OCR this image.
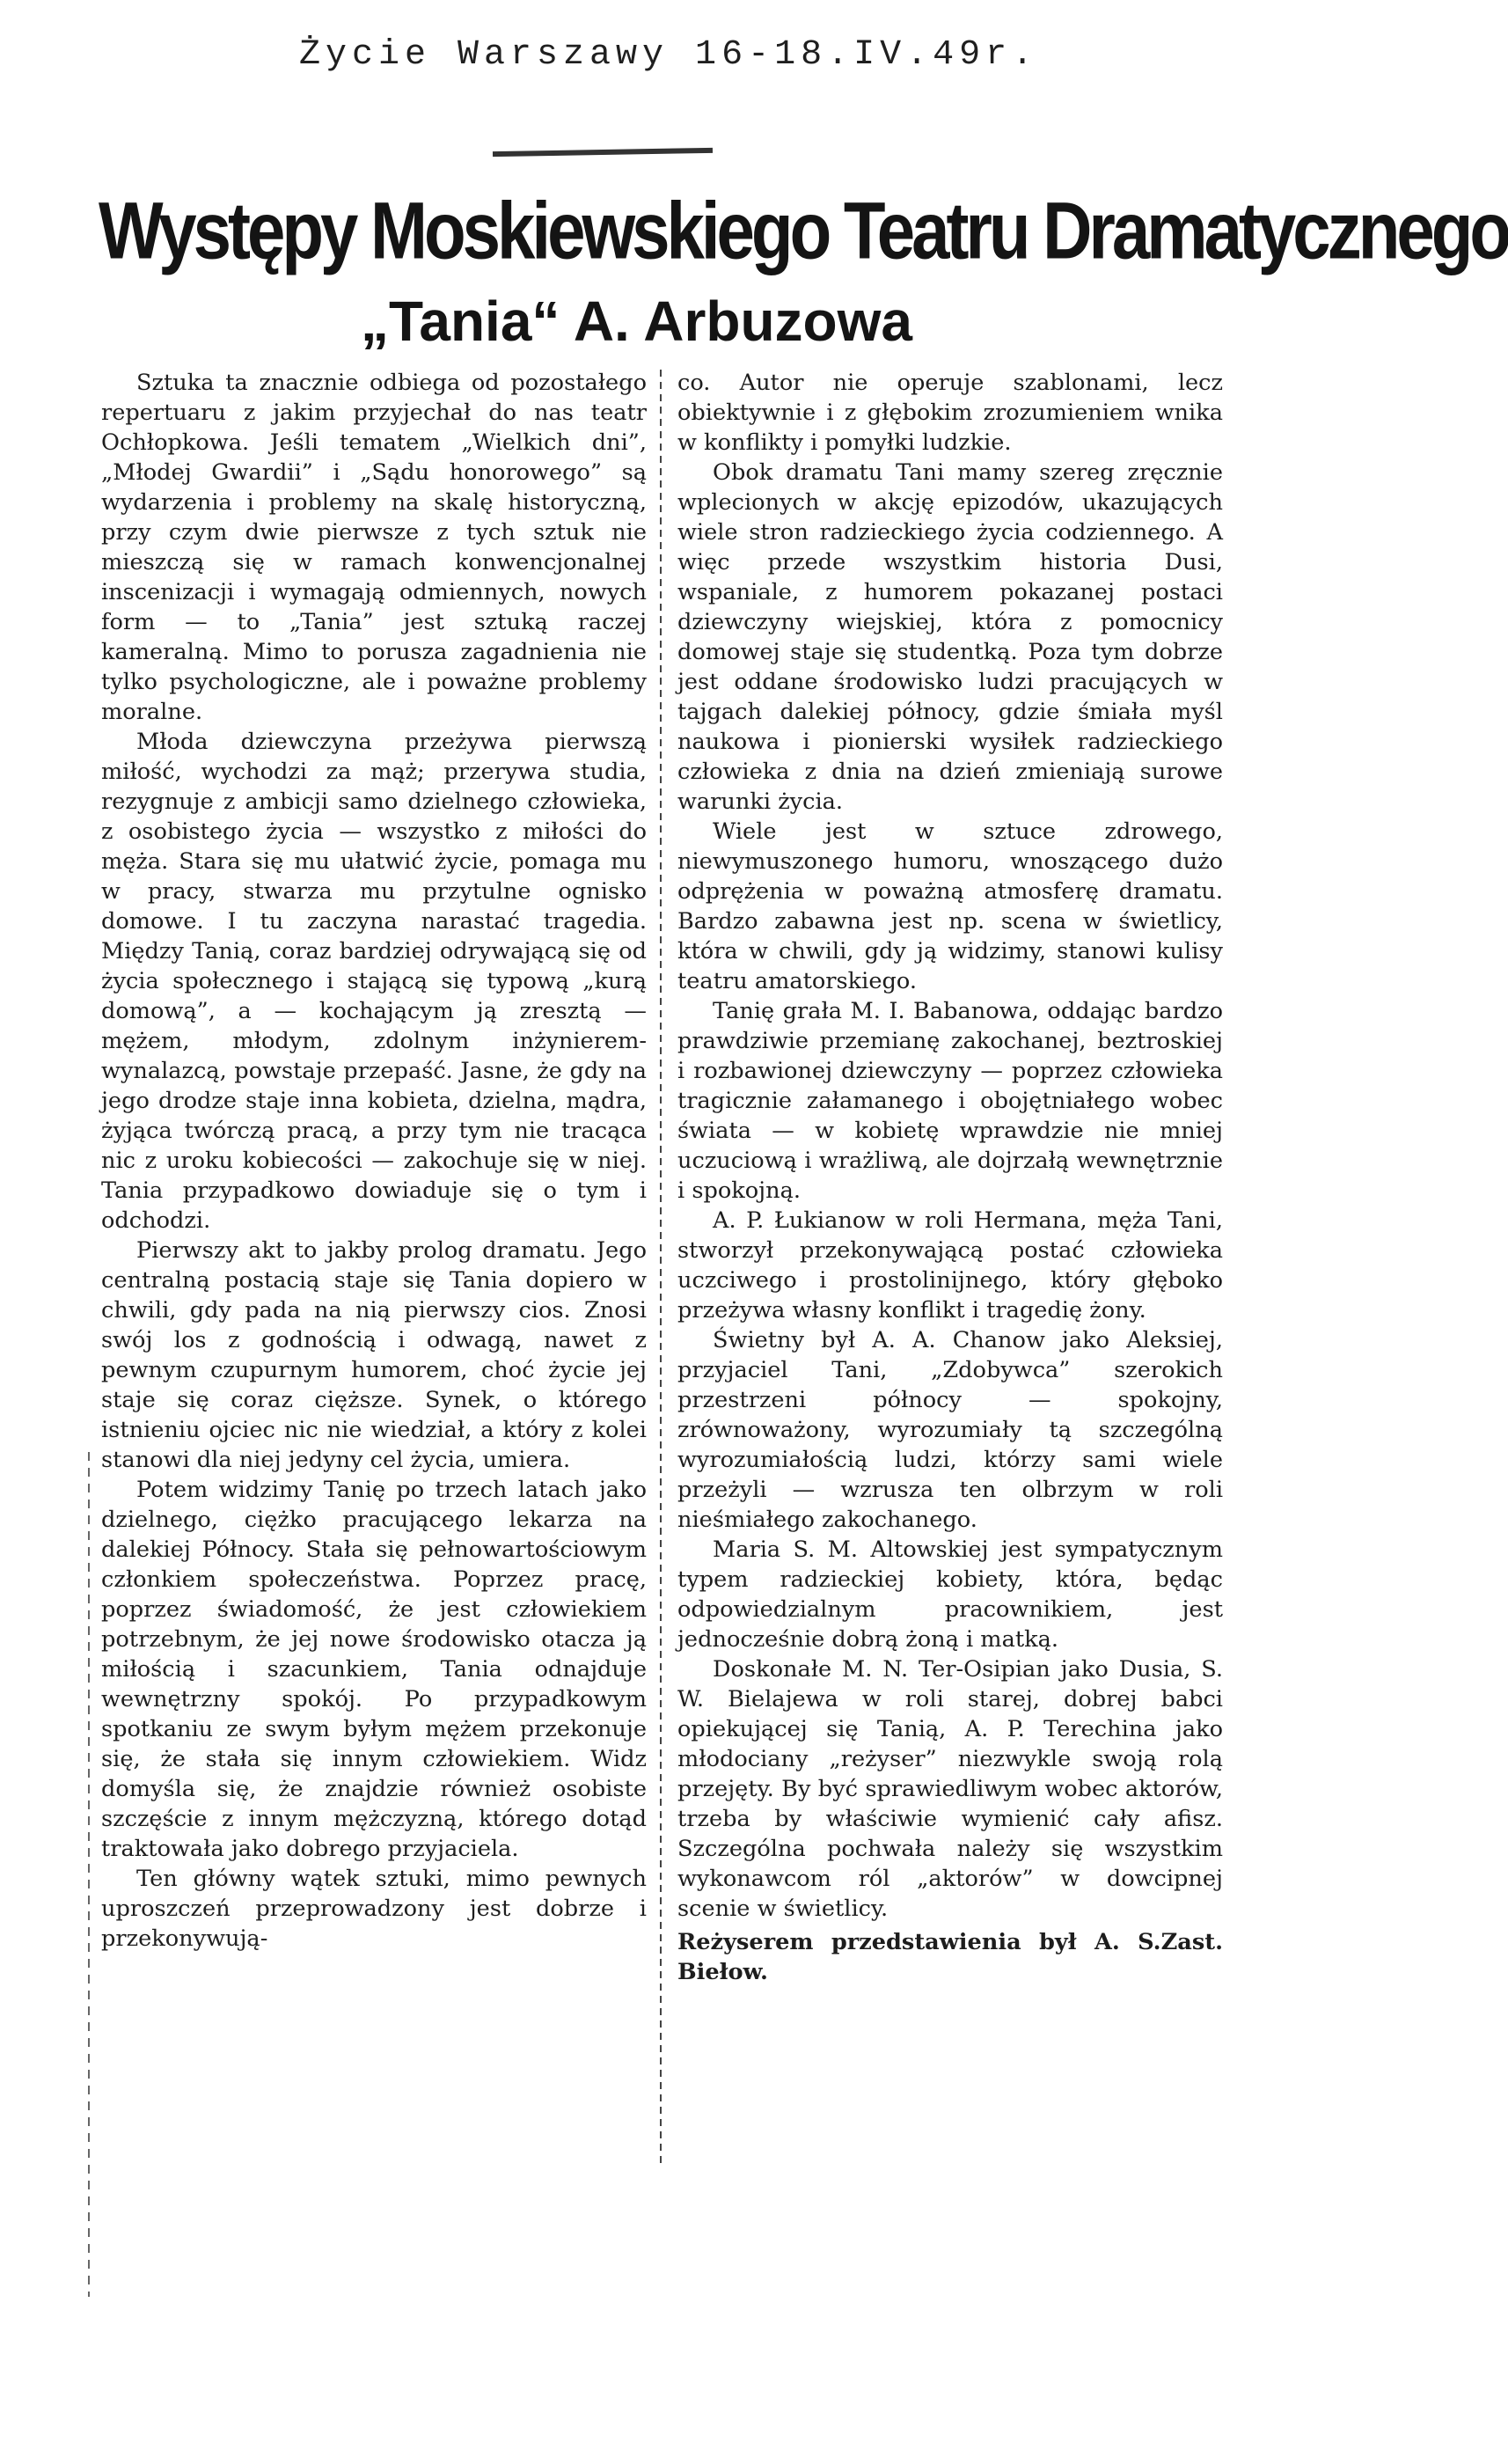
Życie Warszawy 16-18.IV.49r.
Występy Moskiewskiego Teatru Dramatycznego
„Tania“ A. Arbuzowa

Sztuka ta znacznie odbiega od pozostałego repertuaru z jakim przyjechał do nas teatr Ochłopkowa. Jeśli tematem „Wielkich dni”, „Młodej Gwardii” i „Sądu honorowego” są wydarzenia i problemy na skalę historyczną, przy czym dwie pierwsze z tych sztuk nie mieszczą się w ramach konwencjonalnej inscenizacji i wymagają odmiennych, nowych form — to „Tania” jest sztuką raczej kameralną. Mimo to porusza zagadnienia nie tylko psychologiczne, ale i poważne problemy moralne.

Młoda dziewczyna przeżywa pierwszą miłość, wychodzi za mąż; przerywa studia, rezygnuje z ambicji samo dzielnego człowieka, z osobistego życia — wszystko z miłości do męża. Stara się mu ułatwić życie, pomaga mu w pracy, stwarza mu przytulne ognisko domowe. I tu zaczyna narastać tragedia. Między Tanią, coraz bardziej odrywającą się od życia społecznego i stającą się typową „kurą domową”, a — kochającym ją zresztą — mężem, młodym, zdolnym inżynierem-wynalazcą, powstaje przepaść. Jasne, że gdy na jego drodze staje inna kobieta, dzielna, mądra, żyjąca twórczą pracą, a przy tym nie tracąca nic z uroku kobiecości — zakochuje się w niej. Tania przypadkowo dowiaduje się o tym i odchodzi.

Pierwszy akt to jakby prolog dramatu. Jego centralną postacią staje się Tania dopiero w chwili, gdy pada na nią pierwszy cios. Znosi swój los z godnością i odwagą, nawet z pewnym czupurnym humorem, choć życie jej staje się coraz cięższe. Synek, o którego istnieniu ojciec nic nie wiedział, a który z kolei stanowi dla niej jedyny cel życia, umiera.

Potem widzimy Tanię po trzech latach jako dzielnego, ciężko pracującego lekarza na dalekiej Północy. Stała się pełnowartościowym członkiem społeczeństwa. Poprzez pracę, poprzez świadomość, że jest człowiekiem potrzebnym, że jej nowe środowisko otacza ją miłością i szacunkiem, Tania odnajduje wewnętrzny spokój. Po przypadkowym spotkaniu ze swym byłym mężem przekonuje się, że stała się innym człowiekiem. Widz domyśla się, że znajdzie również osobiste szczęście z innym mężczyzną, którego dotąd traktowała jako dobrego przyjaciela.

Ten główny wątek sztuki, mimo pewnych uproszczeń przeprowadzony jest dobrze i przekonywują-

co. Autor nie operuje szablonami, lecz obiektywnie i z głębokim zrozumieniem wnika w konflikty i pomyłki ludzkie.

Obok dramatu Tani mamy szereg zręcznie wplecionych w akcję epizodów, ukazujących wiele stron radzieckiego życia codziennego. A więc przede wszystkim historia Dusi, wspaniale, z humorem pokazanej postaci dziewczyny wiejskiej, która z pomocnicy domowej staje się studentką. Poza tym dobrze jest oddane środowisko ludzi pracujących w tajgach dalekiej północy, gdzie śmiała myśl naukowa i pionierski wysiłek radzieckiego człowieka z dnia na dzień zmieniają surowe warunki życia.

Wiele jest w sztuce zdrowego, niewymuszonego humoru, wnoszącego dużo odprężenia w poważną atmosferę dramatu. Bardzo zabawna jest np. scena w świetlicy, która w chwili, gdy ją widzimy, stanowi kulisy teatru amatorskiego.

Tanię grała M. I. Babanowa, oddając bardzo prawdziwie przemianę zakochanej, beztroskiej i rozbawionej dziewczyny — poprzez człowieka tragicznie załamanego i obojętniałego wobec świata — w kobietę wprawdzie nie mniej uczuciową i wrażliwą, ale dojrzałą wewnętrznie i spokojną.

A. P. Łukianow w roli Hermana, męża Tani, stworzył przekonywającą postać człowieka uczciwego i prostolinijnego, który głęboko przeżywa własny konflikt i tragedię żony.

Świetny był A. A. Chanow jako Aleksiej, przyjaciel Tani, „Zdobywca” szerokich przestrzeni północy — spokojny, zrównoważony, wyrozumiały tą szczególną wyrozumiałością ludzi, którzy sami wiele przeżyli — wzrusza ten olbrzym w roli nieśmiałego zakochanego.

Maria S. M. Altowskiej jest sympatycznym typem radzieckiej kobiety, która, będąc odpowiedzialnym pracownikiem, jest jednocześnie dobrą żoną i matką.

Doskonałe M. N. Ter-Osipian jako Dusia, S. W. Bielajewa w roli starej, dobrej babci opiekującej się Tanią, A. P. Terechina jako młodociany „reżyser” niezwykle swoją rolą przejęty. By być sprawiedliwym wobec aktorów, trzeba by właściwie wymienić cały afisz. Szczególna pochwała należy się wszystkim wykonawcom ról „aktorów” w dowcipnej scenie w świetlicy.

Reżyserem przedstawienia był A. S. Biełow.
Zast.
